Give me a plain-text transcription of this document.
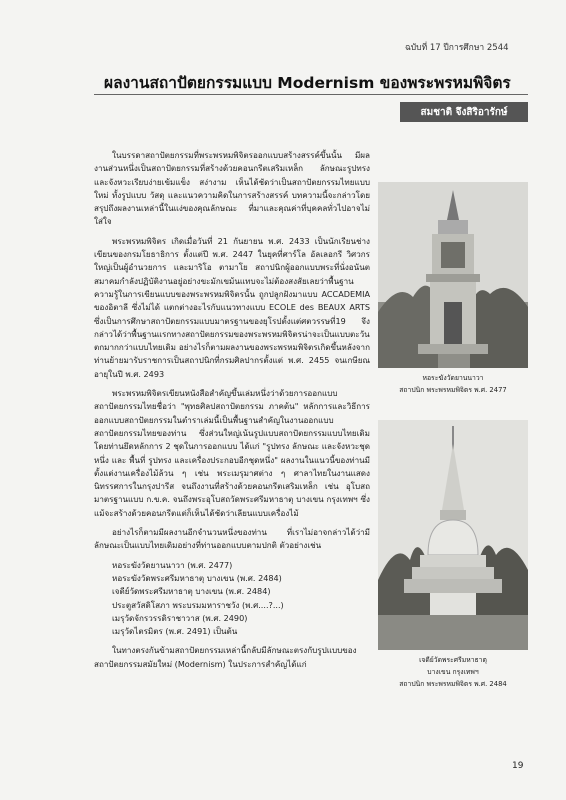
ฉบับที่ 17 ปีการศึกษา 2544
ผลงานสถาปัตยกรรมแบบ Modernism ของพระพรหมพิจิตร
สมชาติ จึงสิริอารักษ์

ในบรรดาสถาปัตยกรรมที่พระพรหมพิจิตรออกแบบสร้างสรรค์ขึ้นนั้น มีผลงานส่วนหนึ่งเป็นสถาปัตยกรรมที่สร้างด้วยคอนกรีตเสริมเหล็ก ลักษณะรูปทรงและจังหวะเรียบง่ายเข้มแข็ง สง่างาม เห็นได้ชัดว่าเป็นสถาปัตยกรรมไทยแบบใหม่ ทั้งรูปแบบ วัสดุ และแนวความคิดในการสร้างสรรค์ บทความนี้จะกล่าวโดยสรุปถึงผลงานเหล่านี้ในแง่ของคุณลักษณะ ที่มาและคุณค่าที่บุคคลทั่วไปอาจไม่ใส่ใจ

พระพรหมพิจิตร เกิดเมื่อวันที่ 21 กันยายน พ.ศ. 2433 เป็นนักเรียนช่างเขียนของกรมโยธาธิการ ตั้งแต่ปี พ.ศ. 2447 ในยุคที่ศาร์โล อัลเลอกรี วิศวกรใหญ่เป็นผู้อำนวยการ และมาริโอ ตามาโย สถาปนิกผู้ออกแบบพระที่นั่งอนันตสมาคมกำลังปฏิบัติงานอยู่อย่างขะมักเขม้นแทบจะไม่ต้องสงสัยเลยว่าพื้นฐานความรู้ในการเขียนแบบของพระพรหมพิจิตรนั้น ถูกปลูกฝังมาแบบ ACCADEMIA ของอิตาลี ซึ่งไม่ได้ แตกต่างอะไรกับแนวทางแบบ ECOLE des BEAUX ARTS ซึ่งเป็นการศึกษาสถาปัตยกรรมแบบมาตรฐานของยุโรปตั้งแต่ศตวรรษที่19 จึงกล่าวได้ว่าพื้นฐานแรกทางสถาปัตยกรรมของพระพรหมพิจิตรน่าจะเป็นแบบตะวันตกมากกว่าแบบไทยเดิม อย่างไรก็ตามผลงานของพระพรหมพิจิตรเกิดขึ้นหลังจากท่านย้ายมารับราชการเป็นสถาปนิกที่กรมศิลปากรตั้งแต่ พ.ศ. 2455 จนเกษียณอายุในปี พ.ศ. 2493

พระพรหมพิจิตรเขียนหนังสือสำคัญขึ้นเล่มหนึ่งว่าด้วยการออกแบบสถาปัตยกรรมไทยชื่อว่า "พุทธศิลปสถาปัตยกรรม ภาคต้น" หลักการและวิธีการออกแบบสถาปัตยกรรมในตำราเล่มนี้เป็นพื้นฐานสำคัญในงานออกแบบสถาปัตยกรรมไทยของท่าน ซึ่งส่วนใหญ่เน้นรูปแบบสถาปัตยกรรมแบบไทยเดิม โดยท่านยึดหลักการ 2 ชุดในการออกแบบ ได้แก่ "รูปทรง ลักษณะ และจังหวะชุดหนึ่ง และ พื้นที่ รูปทรง และเครื่องประกอบอีกชุดหนึ่ง" ผลงานในแนวนี้ของท่านมีตั้งแต่งานเครื่องไม้ล้วน ๆ เช่น พระเมรุมาศต่าง ๆ ศาลาไทยในงานแสดงนิทรรศการในกรุงปารีส จนถึงงานที่สร้างด้วยคอนกรีตเสริมเหล็ก เช่น อุโบสถมาตรฐานแบบ ก.ข.ค. จนถึงพระอุโบสถวัดพระศรีมหาธาตุ บางเขน กรุงเทพฯ ซึ่งแม้จะสร้างด้วยคอนกรีตแต่ก็เห็นได้ชัดว่าเลียนแบบเครื่องไม้

อย่างไรก็ตามมีผลงานอีกจำนวนหนึ่งของท่าน ที่เราไม่อาจกล่าวได้ว่ามีลักษณะเป็นแบบไทยเดิมอย่างที่ท่านออกแบบตามปกติ ตัวอย่างเช่น

หอระฆังวัดยานนาวา (พ.ศ. 2477)
หอระฆังวัดพระศรีมหาธาตุ บางเขน (พ.ศ. 2484)
เจดีย์วัดพระศรีมหาธาตุ บางเขน (พ.ศ. 2484)
ประตูสวัสดิโสภา พระบรมมหาราชวัง (พ.ศ....?...)
เมรุวัดจักรวรรดิราชาวาส (พ.ศ. 2490)
เมรุวัดไตรมิตร (พ.ศ. 2491) เป็นต้น

ในทางตรงกันข้ามสถาปัตยกรรมเหล่านี้กลับมีลักษณะตรงกับรูปแบบของสถาปัตยกรรมสมัยใหม่ (Modernism) ในประการสำคัญได้แก่

หอระฆังวัดยานนาวา
สถาปนิก พระพรหมพิจิตร พ.ศ. 2477
เจดีย์วัดพระศรีมหาธาตุ
บางเขน กรุงเทพฯ
สถาปนิก พระพรหมพิจิตร พ.ศ. 2484
19
